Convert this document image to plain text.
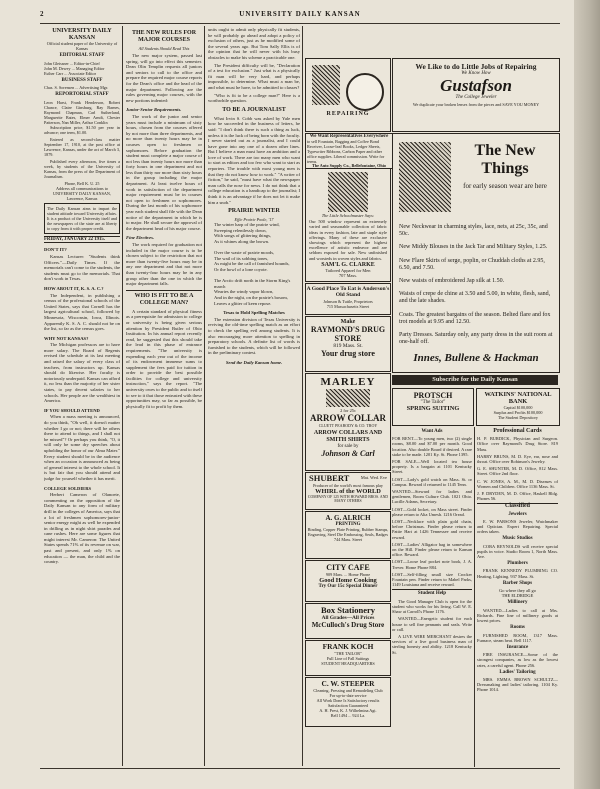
2	UNIVERSITY DAILY KANSAN
UNIVERSITY DAILY KANSAN
Official student paper of the University of Kansas
EDITORIAL STAFF
John Gleissner ... Editor-in-Chief
John M. Dewey ... Managing Editor
Esther Carr ... Associate Editor
BUSINESS STAFF
Chas. S. Sorensen ... Advertising Mgr.
REPORTORIAL STAFF
Leon Harst, Frank Henderson, Robert Chance, Claire Ginsburg, Ray Barnes, Raymond Chapman, Carl Sutherland, Marguerite Bates, Elmer Arndt, Chester Patterson, Nan Miller, Arthur Conklin

Subscription price, $1.50 per year in advance; one term, $1.00.

Entered as second-class matter September 17, 1910, at the post office at Lawrence, Kansas, under the act of March 3, 1879.

Published every afternoon, five times a week, by students of the University of Kansas, from the press of the Department of Journalism.

Phone, Bell K. U. 25
Address all communications to UNIVERSITY DAILY KANSAN, Lawrence, Kansas
The Daily Kansan aims to impart the student attitude toward University affairs. It is a product of the University itself and the newspapers of the state are at liberty to copy from it with proper credit.
FRIDAY, JANUARY 22 1915.
DON'T IT?

Kansas Lecturer: "Students think Officers."—Daily Times. If the memorials can't come to the students, the students must go to the memorials. That don't work in Texas.

HOW ABOUT IT, K. S. A. C.?

The Independent, in publishing a census of the professional schools of the United States, says that Cornell has the largest agricultural school, followed by Minnesota, Wisconsin, Iowa, Illinois. Apparently K. S. A. C. should not be on the list, so far as the census goes.

WHY NOT KANSAS?

The Michigan professors are to have more salary. The Board of Regents revised the schedule at its last meeting and raised the salary of every class of teachers, from instructors up. Kansas should do likewise. Her faculty is notoriously underpaid. Kansas can afford it, no less than the majority of her sister states, to pay decent salaries to her schools. Her people are the wealthiest in America.

IF YOU SHOULD ATTEND

When a mass meeting is announced, do you think, "Oh well, it doesn't matter whether I go or not; there will be others there to attend to things, and I shall not be missed"? Or perhaps you think, "O, it will only be some dry speeches about upholding the honor of our Alma Mater." Every student should be in the audience when an occasion is announced as being of general interest to the whole school. It is but fair that you should attend and judge for yourself whether it has merit.

COLLEGE SOLDIERS

Herbert Cameron of Olanoete, commenting on the opposition of the Daily Kansan to any form of military drill in the colleges of America, says that a lot of freshmen sophomores-junior-senior energy might as well be expended in drilling as in night shirt parades and cane rushes. Here are some figures that might interest Mr. Cameron: The United States spends 71% of its revenue on war, past and present, and only 1% on education — the man, the child and the country.

THE NEW RULES FOR MAJOR COURSES
All Students Should Read This

The new major system, passed last spring, will go into effect this semester. Dean Olin Templin requests all juniors and seniors to call to the office and prepare the required major course reports for the Dean's office and the head of the major department. Following are the rules governing major courses, with the new portions indented:

Junior-Senior Requirements.

The work of the junior and senior years must include a minimum of sixty hours, chosen from the courses offered by not more than three departments, and no more than twenty hours may be in courses open to freshmen or sophomores. Before graduation the student must complete a major course of not less than twenty hours nor more than forty hours in one department and not less than thirty nor more than sixty hours in the group including the major department. At least twelve hours of work in satisfaction of the department major requirement must be in courses not open to freshmen or sophomores. During the last month of his sophomore year each student shall file with the Dean notice of the department in which he is to major. He shall secure the approval of the department head of his major course.

Fine Electives.

The work required for graduation not included in the major course is to be chosen subject to the restriction that not more than twenty-five hours may be in any one department and that not more than twenty-four hours may be in any group other than the one in which the major department falls.

WHO IS FIT TO BE A COLLEGE MAN?

A certain standard of physical fitness as a prerequisite for admission to college or university is being given serious attention by President Butler of Ohio Institution. In his annual report recently read, he suggested that this should take the lead in this phase of entrance requirements. "The university is expending each year out of the income of its endowment immense sums to supplement the fees paid for tuition in order to provide the best possible facilities for college and university instruction," says the report. "The university owes to the public and to itself to see to it that those entrusted with these opportunities may, so far as possible, be physically fit to profit by them.

units ought to admit only physically fit students, he will probably go ahead and adopt a policy of exclusion of others, just as he modified some of the several years ago. But Tom Sally Ellis is of the opinion that he will never with his busy obstacles to make his scheme a practicable one.

The President difficulty will be, "Declaration of a test for exclusion." Just what is a physically fit man will be very hard, and perhaps impossible, to determine. What must a man be, and what must he have, to be admitted to classes?

"Who is fit to be a college man?" Here is a worthwhile question.

TO BE A JOURNALIST

What Irvin S. Cobb was asked by Yale men how he succeeded in the business of letters, he said: "I don't think there is such a thing as luck, unless it is the luck of being born with the faculty. I never started out as a journalist, and I could have gone into any one of a dozen other lines. But I believe a man must have an ambition and a love of work. There are too many men who want to start as editors and too few who want to start as reporters. The trouble with most young men is that they do not know how to work." "A writer of fiction," he said, "must have what the newspaper man calls the nose for news. I do not think that a college education is a handicap to the journalist; I think it is an advantage if he does not let it make him a snob."

PRAIRIE WINTER
Effie Prairie Poole, '17
The winter harp of the prairie wind,
Sweeping relentlessly down,
With songs of glittering things,
As it whines along the brown.

Over the waste of prairie moods,
The wail of its sobbing tones,
As might be the call of famished hounds,
Or the howl of a lone coyote.

The Arctic drift north in the Storm King's march
Wearies the windy vapor blown,
And in the night, on the prairie's bosom,
Leaves a glitter of keen repose.
Texas to Hold Spelling Matches

The extension division of Texas University is reviving the old-time spelling match as an effort to check the spelling evil among students. It is also encouraging more attention to spelling in preparatory schools. A definite list of words is furnished to the students, which will be followed in the preliminary contest.

Send the Daily Kansan home.
REPAIRING
We Like to do Little Jobs of Repairing
We Know How
Gustafson
The College Jeweler
We duplicate your broken lenses from the pieces and SAVE YOU MONEY
We Want Representatives Everywhere
to sell Fountain, Bagging and Coffee Bond Receiver, Loose-leaf Books, Ledger Sheets, Typewriter Ribbons, Carbon Paper and other office supplies. Liberal commission. Write for terms.
The Auto Supply Co., Bellefontaine, Ohio
The New Things
for early season wear are here

New Neckwear in charming styles, lace, nets, at 25c, 35c, and 50c.

New Middy Blouses in the Jack Tar and Military Styles, 1.25.

New Flare Skirts of serge, poplin, or Chuddah cloths at 2.95, 6.50, and 7.50.

New waists of embroidered Jap silk at 1.50.

Waists of crepe de chine at 3.50 and 5.00, in white, flesh, sand, and the late shades.

Coats. The greatest bargains of the season. Belted flare and fox trot models at 9.95 and 12.50.

Party Dresses. Saturday only, any party dress in the suit room at one-half off.

Innes, Bullene & Hackman
The Little Schoolmaster Says:
Our 500 window represent an extremely varied and seasonable collection of fabric ideas in every fashion, late and staple style offerings. Many of these are exclusive showings which represent the highest excellence of artistic endeavor and are seldom exposed for sale. New unfinished and worsteds in woven styles and fabrics.
SAM'L G. CLARKE
Tailored Apparel for Men
707 Mass.
A Good Place To Eat is Anderson's Old Stand
Johnson & Tuttle, Proprietors
715 Massachusetts Street
Make
RAYMOND'S DRUG STORE
819 Mass. St.
Your drug store
MARLEY
2 for 25c
ARROW COLLAR
CLUETT PEABODY & CO. TROY
ARROW COLLARS AND SMITH SHIRTS
for sale by
Johnson & Carl
SHUBERT	Mat. Wed. Eve
Producer of the world's most famous play
WHIRL of the WORLD
COMPANY OF 125 WITH HOWARD BROS. AND MANY OTHERS
A. G. ALRICH
PRINTING
Binding, Copper Plate Printing, Rubber Stamps, Engraving, Steel Die Embossing, Seals, Badges
744 Mass. Street
CITY CAFE
909 Mass. ... Home Phone
Good Home Cooking
Try Our 15c Special Dinner
Box Stationery
All Grades—All Prices
McCulloch's Drug Store
FRANK KOCH
"THE TAILOR"
Full Line of Fall Suitings
STUDENT HEADQUARTERS
C. W. STEEPER
Cleaning, Pressing and Remodeling Club
For up-to-date service
All Work Done Is Satisfactory results
Satisfaction Guaranteed
A. H. Prest, K. J. Wilhelmina Agt.
Bell 1494 ... 924 La.
Subscribe for the Daily Kansan
PROTSCH
"The Tailor"
SPRING SUITING
WATKINS' NATIONAL BANK
Capital $100,000
Surplus and Profits $100,000
The Student Depository
Want Ads

FOR RENT—To young men, two (2) single rooms, $8.00 and $7.00 per month. Good location. Also double Board if desired. A rare stake to be made. 1201 Ky. St. Phone 1395.

FOR SALE—Well located tea house property. Is a bargain at 1101 Kentucky Street.

LOST—Lady's gold watch on Mass. St. or Campus. Reward if returned to 1145 Tenn.

WANTED—Steward for ladies and gentlemen, Room Culture Club. 1021 Ohio. Lucille Adams, Secretary.

LOST—Gold locket, on Mass street. Finder please return to Alta Umesh. 1216 Oread.

LOST—Necklace with plain gold chain, before Christmas. Finder please return to Pattie Hart at 1426 Tennessee and receive reward.

LOST—Ladies' Alligator bag in somewhere on the Hill. Finder please return to Kansan office. Reward.

LOST—Loose leaf pocket note book, J. A. Trever. Home Phone 884.

LOST—Self-filling small size Crocker Fountain pen. Finder return to Mabel Parks, 1149 Louisiana and receive reward.

Student Help

The Good Manager Club is open for the student who works for his living. Call W. E. Shaw at Carroll's Phone 1176.

WANTED—Energetic student for each house to sell fine pennants and seals. Write or call.

A LIVE WIRE MERCHANT desires the services of a live good business man of sterling honesty and ability. 1218 Kentucky St.

Professional Cards

H. P. BURDICK, Physician and Surgeon. Office over Raymond's Drug Store. 819 Mass.

HARRY BRUNS, M. D. Eye, ear, nose and throat. Office over Robinson's Jewelry.

G. E. SHUNTER, M. D. Office, 812 Mass. Street. Office 2nd floor.

C. W. JONES, A. M., M. D. Diseases of Women and Children. Office 1136 Mass. St.

J. P. DRYDEN, M. D. Office, Haskell Bldg. Phones 56.

Classified
Jewelers

E. W. PARSONS Jeweler, Watchmaker and Optician. Expert Repairing. Special orders taken.

Music Studios

CORA REYNOLDS will receive special pupils in voice. Studio Room 1, North Mass. Ave.

Plumbers

FRANK KENNEDY PLUMBING CO. Heating, Lighting. 937 Mass. St.

Barber Shops
Go where they all go
THE ELDRIDGE
Millinery

WANTED—Ladies to call at Mrs. Richards. Fine line of millinery goods at lowest prices.

Rooms

FURNISHED ROOM, 1317 Mass. Furnace, steam heat. Bell 1117.

Insurance

FIRE INSURANCE—Some of the strongest companies, as low as the lowest rates, a careful agent. Phone 256.

Ladies' Tailoring

MRS. EMMA BROWN SCHULTZ—Dressmaking and ladies' tailoring. 1104 Ky. Phone 1014.
